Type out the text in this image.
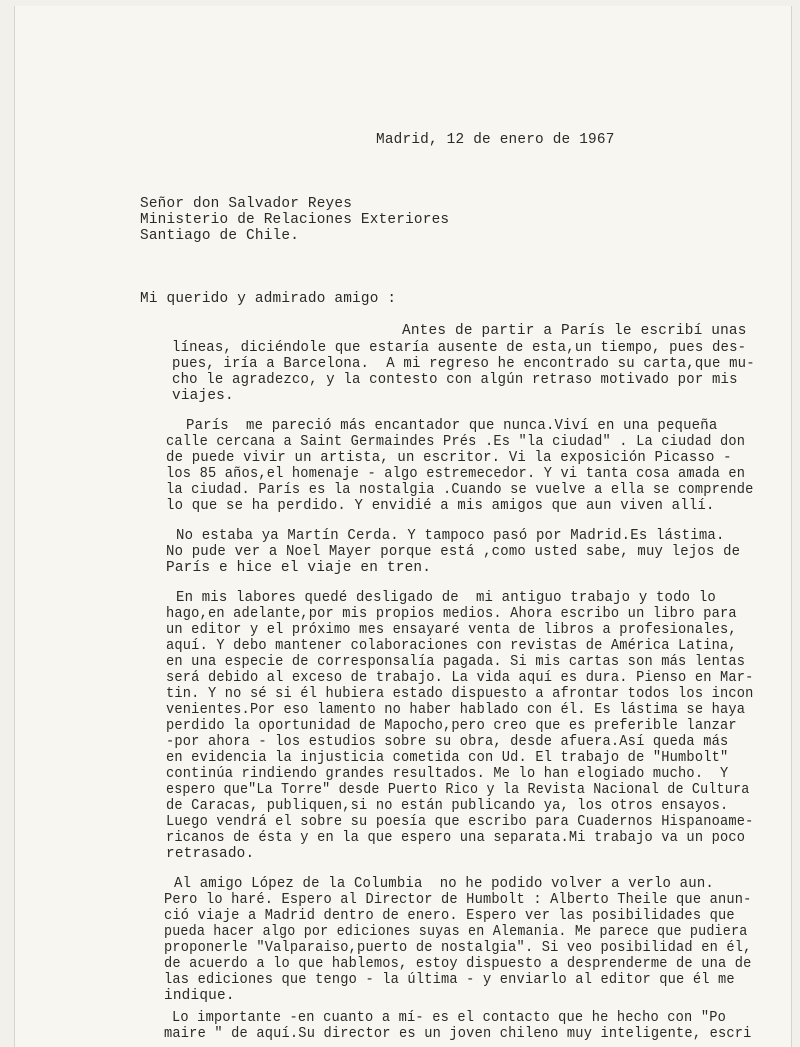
Madrid, 12 de enero de 1967
Señor don Salvador Reyes
Ministerio de Relaciones Exteriores
Santiago de Chile.
Mi querido y admirado amigo :
Antes de partir a París le escribí unas
líneas, diciéndole que estaría ausente de esta,un tiempo, pues des-
pues, iría a Barcelona.  A mi regreso he encontrado su carta,que mu-
cho le agradezco, y la contesto con algún retraso motivado por mis
viajes.
París  me pareció más encantador que nunca.Viví en una pequeña
calle cercana a Saint Germaindes Prés .Es "la ciudad" . La ciudad don
de puede vivir un artista, un escritor. Vi la exposición Picasso -
los 85 años,el homenaje - algo estremecedor. Y vi tanta cosa amada en
la ciudad. París es la nostalgia .Cuando se vuelve a ella se comprende
lo que se ha perdido. Y envidié a mis amigos que aun viven allí.
No estaba ya Martín Cerda. Y tampoco pasó por Madrid.Es lástima.
No pude ver a Noel Mayer porque está ,como usted sabe, muy lejos de
París e hice el viaje en tren.
En mis labores quedé desligado de  mi antiguo trabajo y todo lo
hago,en adelante,por mis propios medios. Ahora escribo un libro para
un editor y el próximo mes ensayaré venta de libros a profesionales,
aquí. Y debo mantener colaboraciones con revistas de América Latina,
en una especie de corresponsalía pagada. Si mis cartas son más lentas
será debido al exceso de trabajo. La vida aquí es dura. Pienso en Mar-
tin. Y no sé si él hubiera estado dispuesto a afrontar todos los incon
venientes.Por eso lamento no haber hablado con él. Es lástima se haya
perdido la oportunidad de Mapocho,pero creo que es preferible lanzar
-por ahora - los estudios sobre su obra, desde afuera.Así queda más
en evidencia la injusticia cometida con Ud. El trabajo de "Humbolt"
continúa rindiendo grandes resultados. Me lo han elogiado mucho.  Y
espero que"La Torre" desde Puerto Rico y la Revista Nacional de Cultura
de Caracas, publiquen,si no están publicando ya, los otros ensayos.
Luego vendrá el sobre su poesía que escribo para Cuadernos Hispanoame-
ricanos de ésta y en la que espero una separata.Mi trabajo va un poco
retrasado.
Al amigo López de la Columbia  no he podido volver a verlo aun.
Pero lo haré. Espero al Director de Humbolt : Alberto Theile que anun-
ció viaje a Madrid dentro de enero. Espero ver las posibilidades que
pueda hacer algo por ediciones suyas en Alemania. Me parece que pudiera
proponerle "Valparaiso,puerto de nostalgia". Si veo posibilidad en él,
de acuerdo a lo que hablemos, estoy dispuesto a desprenderme de una de
las ediciones que tengo - la última - y enviarlo al editor que él me
indique.
Lo importante -en cuanto a mí- es el contacto que he hecho con "Po
maire " de aquí.Su director es un joven chileno muy inteligente, escri
